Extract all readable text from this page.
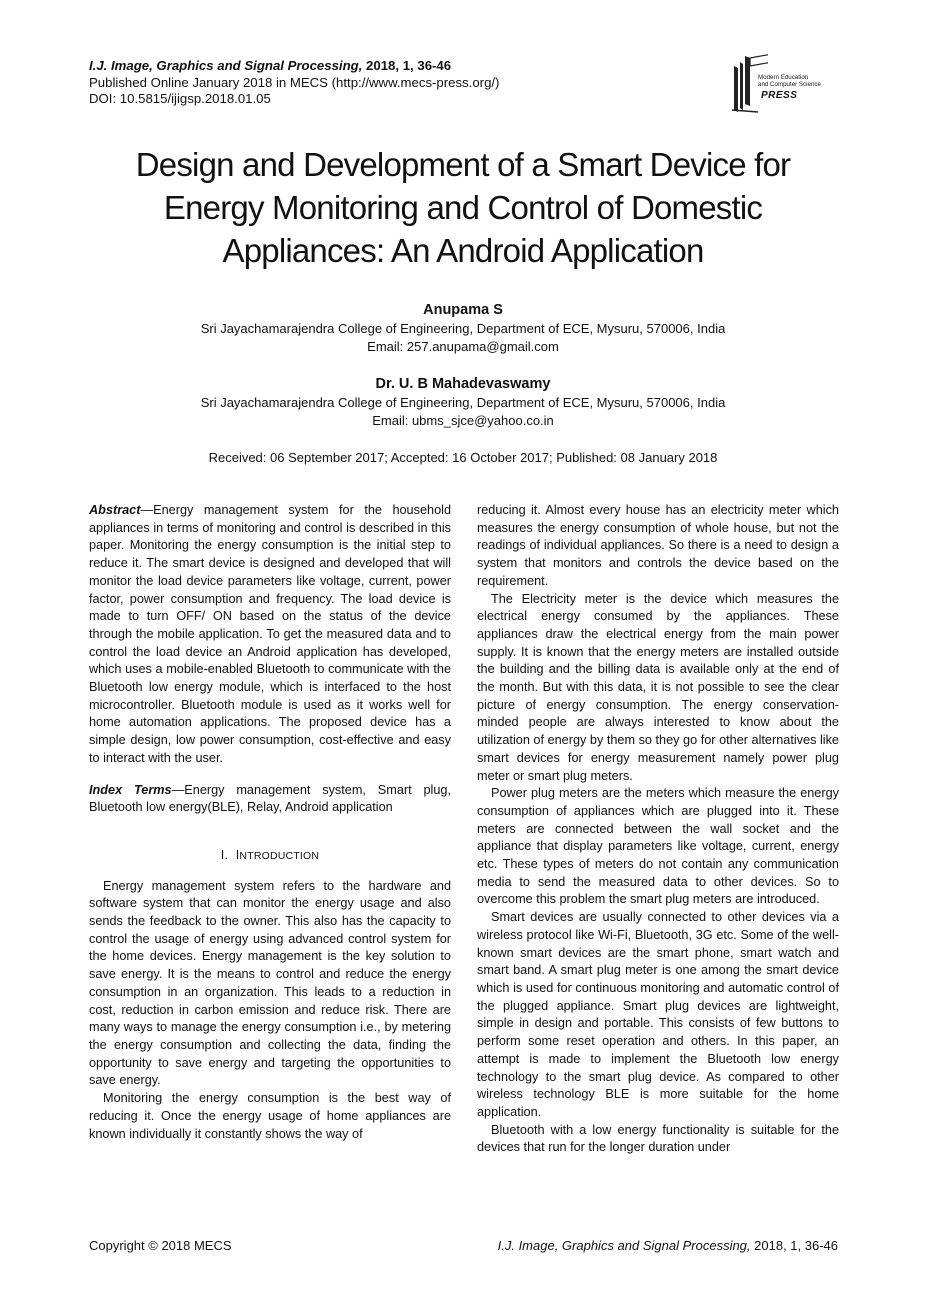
I.J. Image, Graphics and Signal Processing, 2018, 1, 36-46
Published Online January 2018 in MECS (http://www.mecs-press.org/)
DOI: 10.5815/ijigsp.2018.01.05
Modern Education
and Computer Science
PRESS
Design and Development of a Smart Device for
Energy Monitoring and Control of Domestic
Appliances: An Android Application
Anupama S
Sri Jayachamarajendra College of Engineering, Department of ECE, Mysuru, 570006, India
Email: 257.anupama@gmail.com
Dr. U. B Mahadevaswamy
Sri Jayachamarajendra College of Engineering, Department of ECE, Mysuru, 570006, India
Email: ubms_sjce@yahoo.co.in
Received: 06 September 2017; Accepted: 16 October 2017; Published: 08 January 2018

Abstract—Energy management system for the household appliances in terms of monitoring and control is described in this paper. Monitoring the energy consumption is the initial step to reduce it. The smart device is designed and developed that will monitor the load device parameters like voltage, current, power factor, power consumption and frequency. The load device is made to turn OFF/ ON based on the status of the device through the mobile application. To get the measured data and to control the load device an Android application has developed, which uses a mobile-enabled Bluetooth to communicate with the Bluetooth low energy module, which is interfaced to the host microcontroller. Bluetooth module is used as it works well for home automation applications. The proposed device has a simple design, low power consumption, cost-effective and easy to interact with the user.

Index Terms—Energy management system, Smart plug, Bluetooth low energy(BLE), Relay, Android application

I. INTRODUCTION

Energy management system refers to the hardware and software system that can monitor the energy usage and also sends the feedback to the owner. This also has the capacity to control the usage of energy using advanced control system for the home devices. Energy management is the key solution to save energy. It is the means to control and reduce the energy consumption in an organization. This leads to a reduction in cost, reduction in carbon emission and reduce risk. There are many ways to manage the energy consumption i.e., by metering the energy consumption and collecting the data, finding the opportunity to save energy and targeting the opportunities to save energy.

Monitoring the energy consumption is the best way of reducing it. Once the energy usage of home appliances are known individually it constantly shows the way of

reducing it. Almost every house has an electricity meter which measures the energy consumption of whole house, but not the readings of individual appliances. So there is a need to design a system that monitors and controls the device based on the requirement.

The Electricity meter is the device which measures the electrical energy consumed by the appliances. These appliances draw the electrical energy from the main power supply. It is known that the energy meters are installed outside the building and the billing data is available only at the end of the month. But with this data, it is not possible to see the clear picture of energy consumption. The energy conservation-minded people are always interested to know about the utilization of energy by them so they go for other alternatives like smart devices for energy measurement namely power plug meter or smart plug meters.

Power plug meters are the meters which measure the energy consumption of appliances which are plugged into it. These meters are connected between the wall socket and the appliance that display parameters like voltage, current, energy etc. These types of meters do not contain any communication media to send the measured data to other devices. So to overcome this problem the smart plug meters are introduced.

Smart devices are usually connected to other devices via a wireless protocol like Wi-Fi, Bluetooth, 3G etc. Some of the well-known smart devices are the smart phone, smart watch and smart band. A smart plug meter is one among the smart device which is used for continuous monitoring and automatic control of the plugged appliance. Smart plug devices are lightweight, simple in design and portable. This consists of few buttons to perform some reset operation and others. In this paper, an attempt is made to implement the Bluetooth low energy technology to the smart plug device. As compared to other wireless technology BLE is more suitable for the home application.

Bluetooth with a low energy functionality is suitable for the devices that run for the longer duration under

Copyright © 2018 MECS	I.J. Image, Graphics and Signal Processing, 2018, 1, 36-46
